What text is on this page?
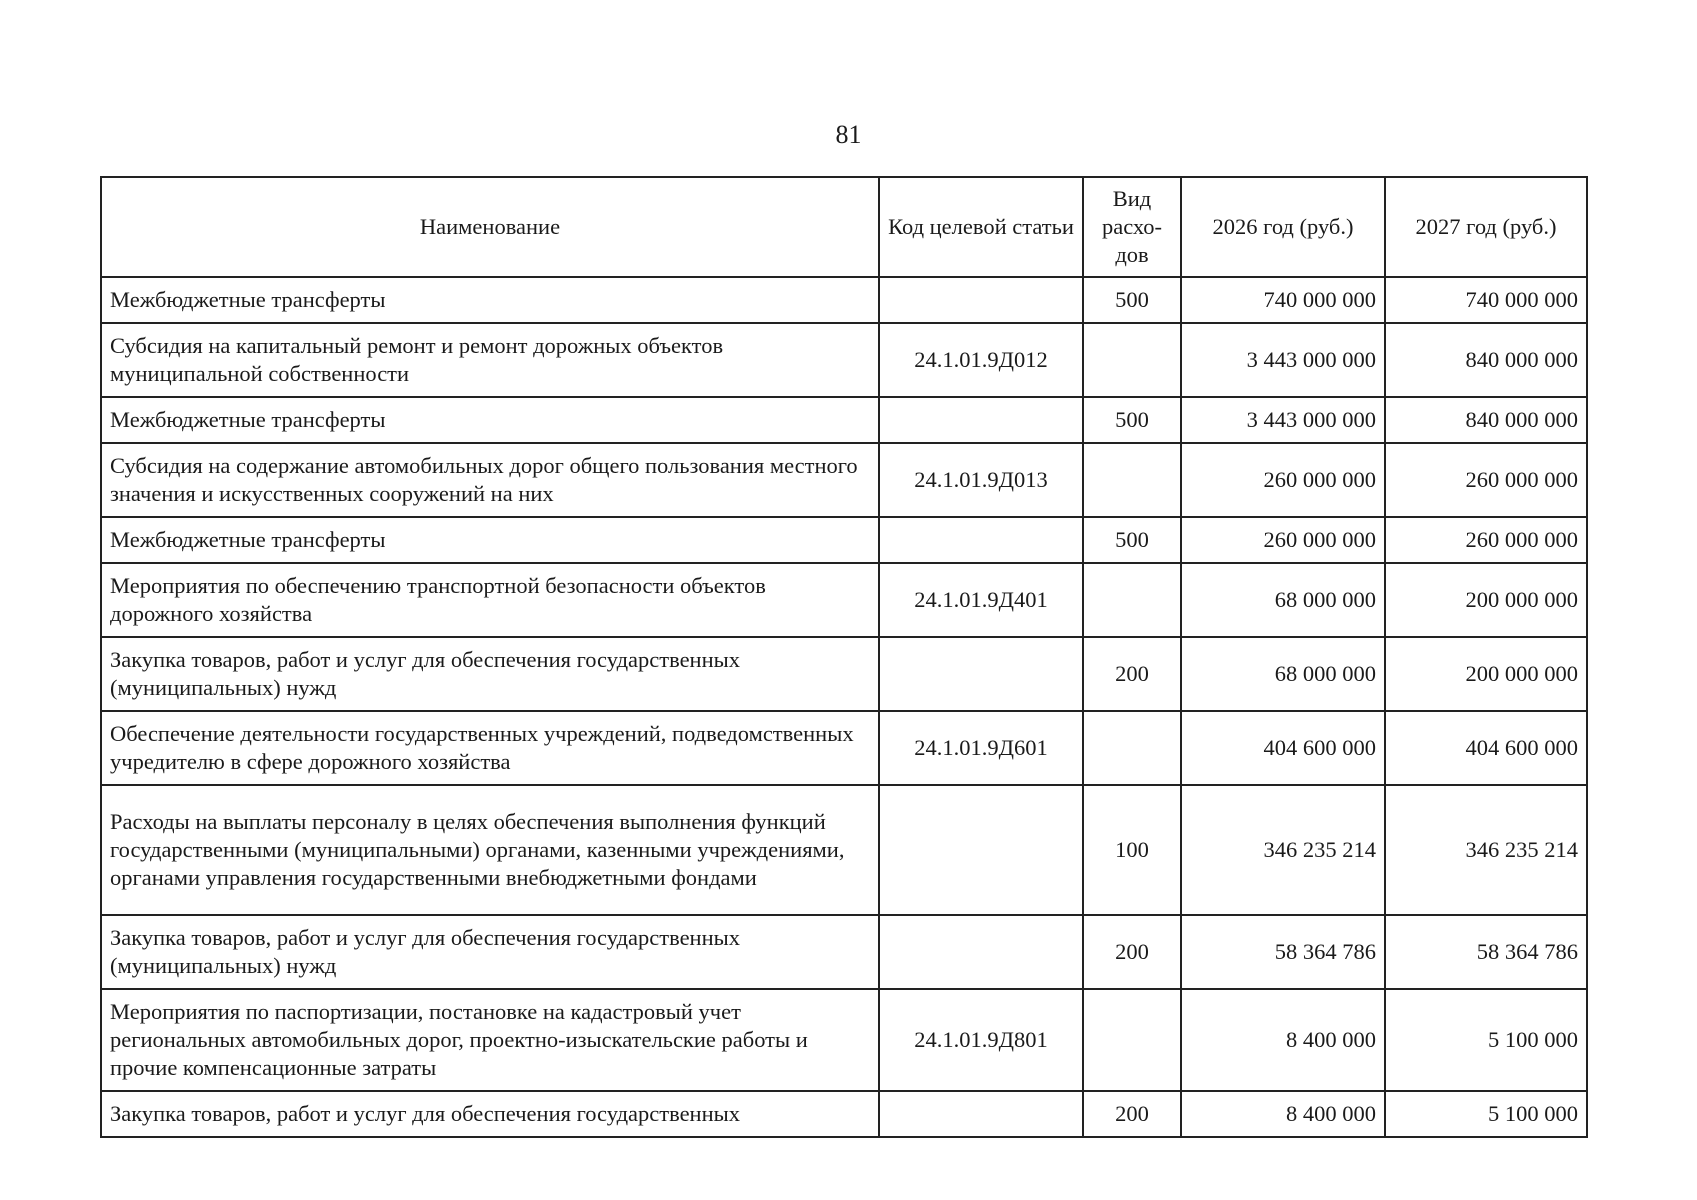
81
Наименование	Код целевой статьи	Вид расхо-дов	2026 год (руб.)	2027 год (руб.)
Межбюджетные трансферты		500	740 000 000	740 000 000
Субсидия на капитальный ремонт и ремонт дорожных объектов муниципальной собственности	24.1.01.9Д012		3 443 000 000	840 000 000
Межбюджетные трансферты		500	3 443 000 000	840 000 000
Субсидия на содержание автомобильных дорог общего пользования местного значения и искусственных сооружений на них	24.1.01.9Д013		260 000 000	260 000 000
Межбюджетные трансферты		500	260 000 000	260 000 000
Мероприятия по обеспечению транспортной безопасности объектов дорожного хозяйства	24.1.01.9Д401		68 000 000	200 000 000
Закупка товаров, работ и услуг для обеспечения государственных (муниципальных) нужд		200	68 000 000	200 000 000
Обеспечение деятельности государственных учреждений, подведомственных учредителю в сфере дорожного хозяйства	24.1.01.9Д601		404 600 000	404 600 000
Расходы на выплаты персоналу в целях обеспечения выполнения функций государственными (муниципальными) органами, казенными учреждениями, органами управления государственными внебюджетными фондами		100	346 235 214	346 235 214
Закупка товаров, работ и услуг для обеспечения государственных (муниципальных) нужд		200	58 364 786	58 364 786
Мероприятия по паспортизации, постановке на кадастровый учет региональных автомобильных дорог, проектно-изыскательские работы и прочие компенсационные затраты	24.1.01.9Д801		8 400 000	5 100 000
Закупка товаров, работ и услуг для обеспечения государственных		200	8 400 000	5 100 000
